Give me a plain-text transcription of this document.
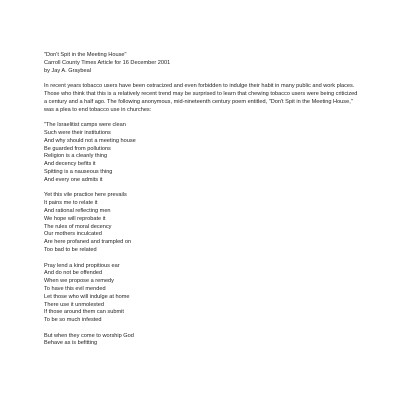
"Don't Spit in the Meeting House"
Carroll County Times Article for 16 December 2001
by Jay A. Graybeal
In recent years tobacco users have been ostracized and even forbidden to indulge their habit in many public and work places. Those who think that this is a relatively recent trend may be surprised to learn that chewing tobacco users were being criticized a century and a half ago. The following anonymous, mid-nineteenth century poem entitled, "Don't Spit in the Meeting House," was a plea to end tobacco use in churches:
"The Israelitist camps were clean
Such were their institutions
And why should not a meeting house
Be guarded from pollutions
Religion is a cleanly thing
And decency befits it
Spitting is a nauseous thing
And every one admits it
Yet this vile practice here prevails
It pains me to relate it
And rational reflecting men
We hope will reprobate it
The rules of moral decency
Our mothers inculcated
Are here profaned and trampled on
Too bad to be related
Pray lend a kind propitious ear
And do not be offended
When we propose a remedy
To have this evil mended
Let those who will indulge at home
There use it unmolested
If those around them can submit
To be so much infested
But when they come to worship God
Behave as is befitting
